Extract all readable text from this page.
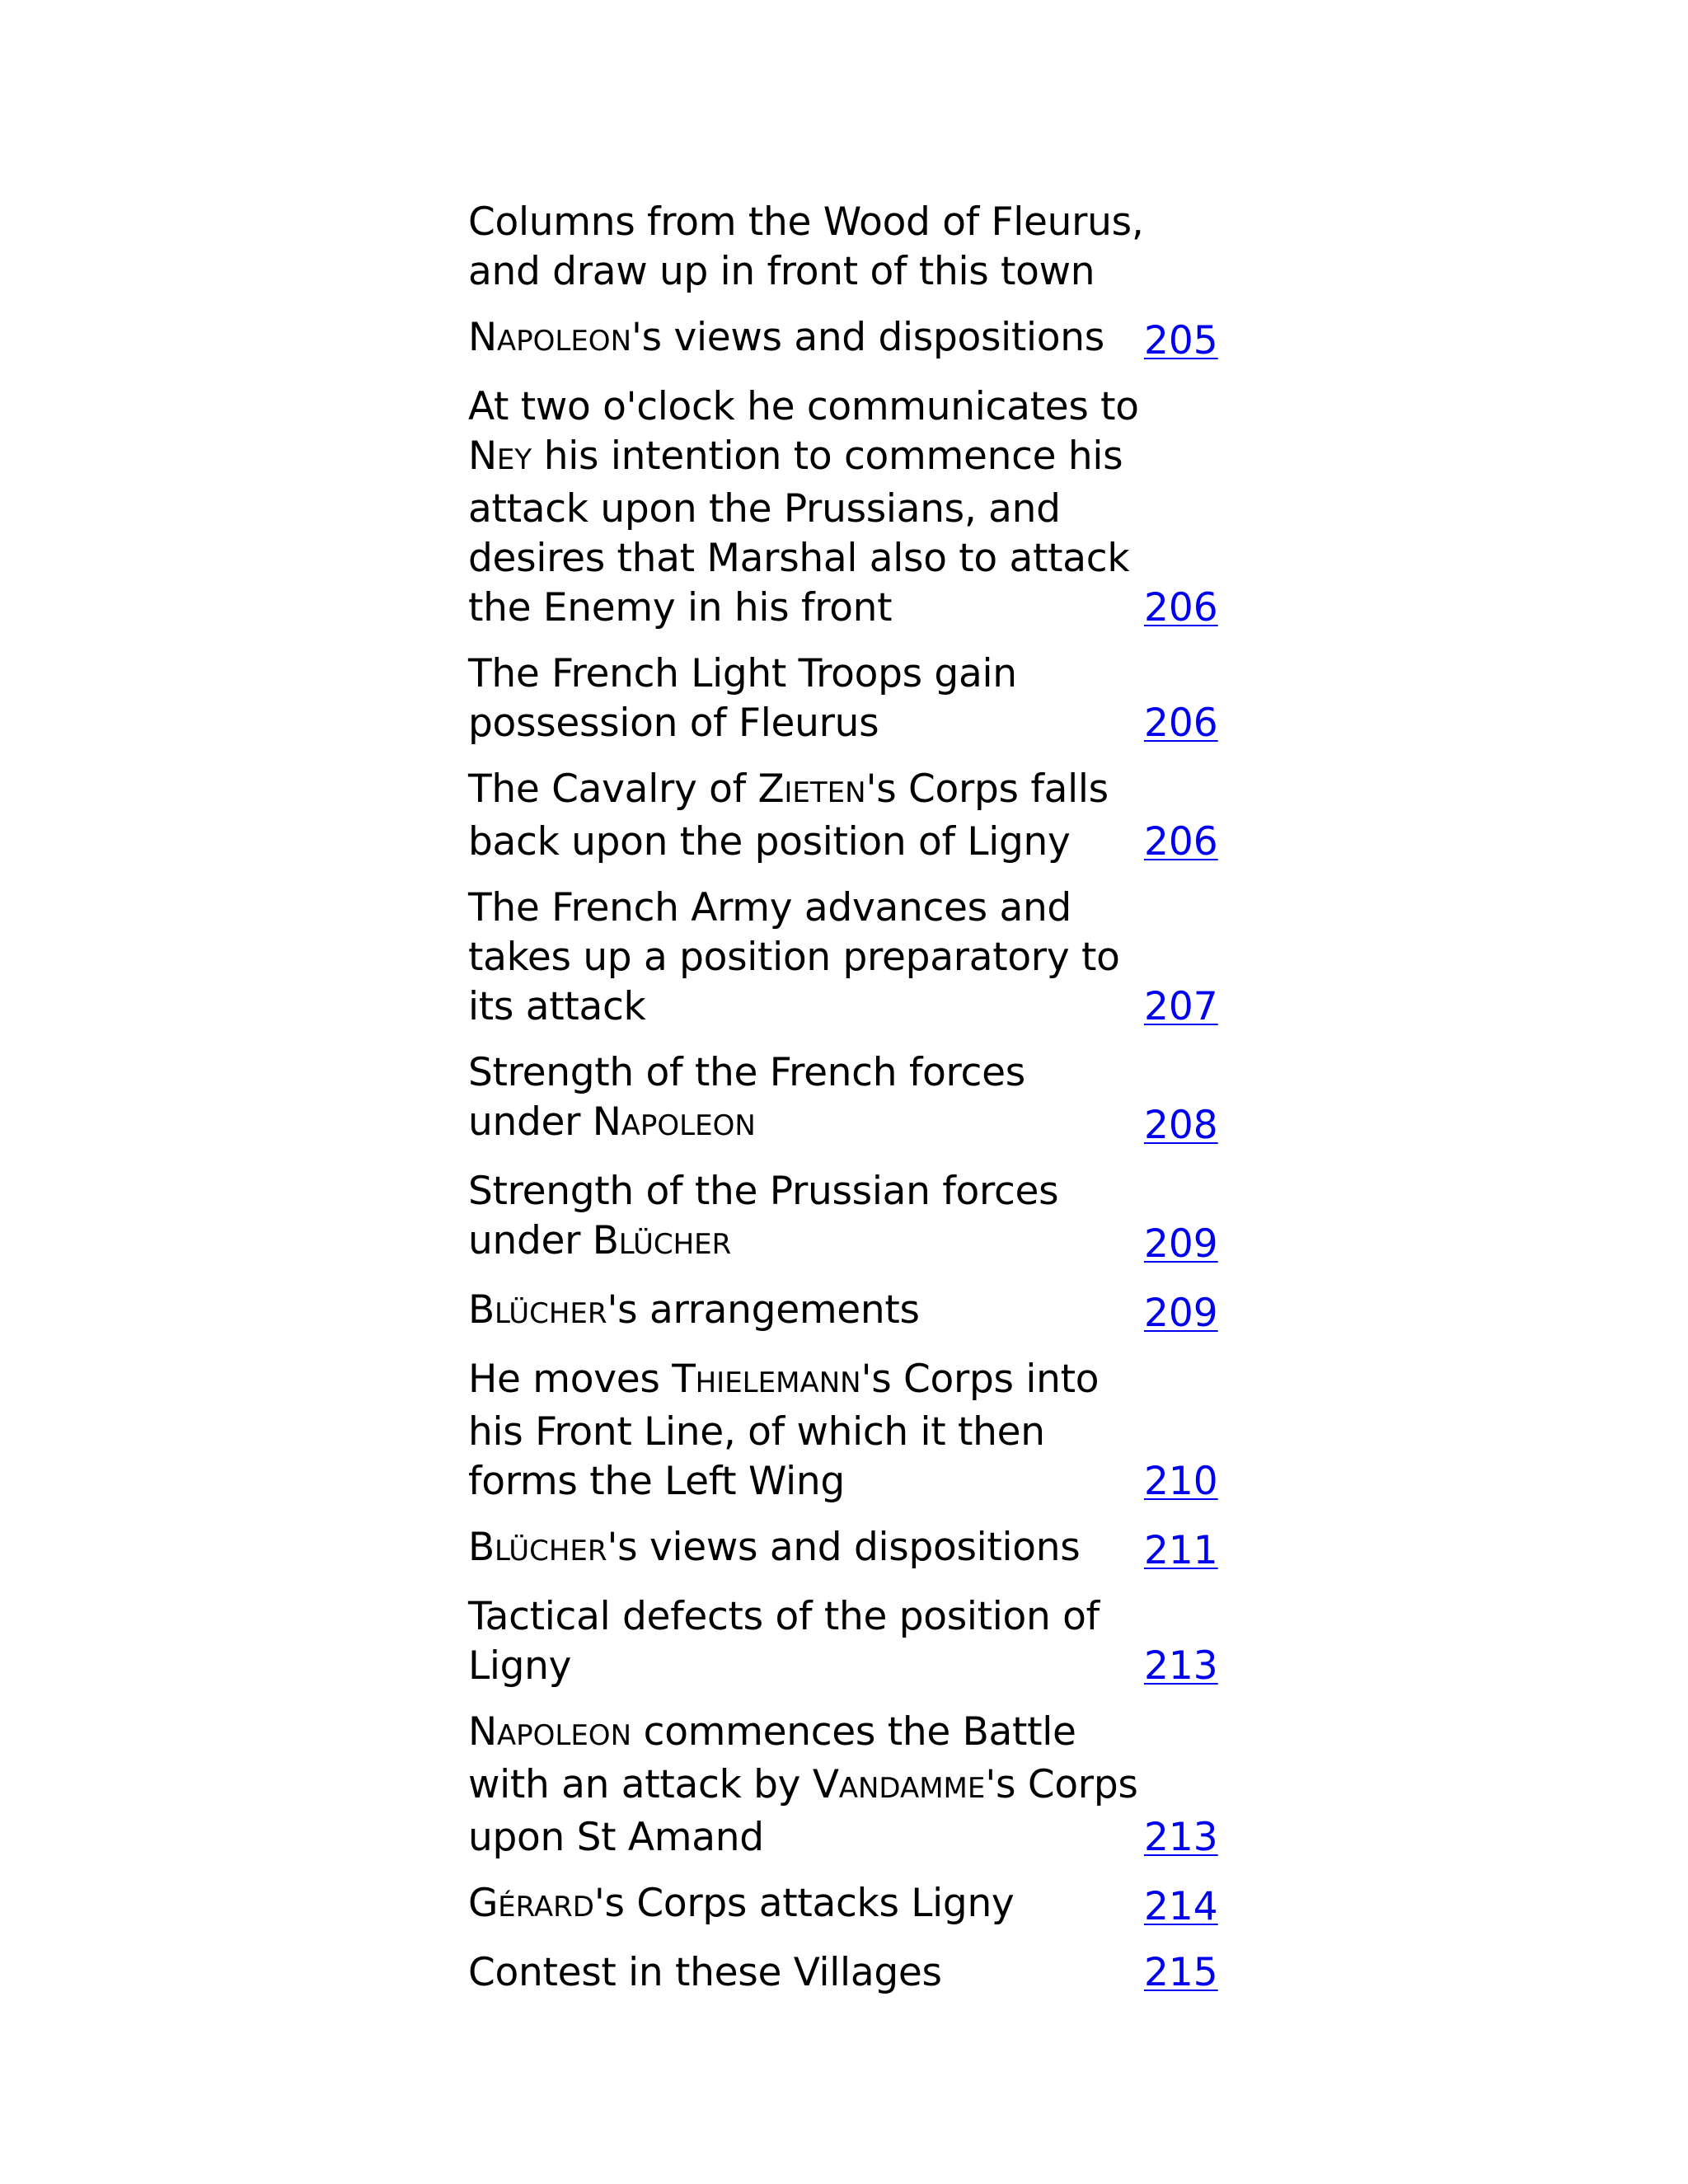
Columns from the Wood of Fleurus, and draw up in front of this town
NAPOLEON's views and dispositions	205
At two o'clock he communicates to NEY his intention to commence his attack upon the Prussians, and desires that Marshal also to attack the Enemy in his front	206
The French Light Troops gain possession of Fleurus	206
The Cavalry of ZIETEN's Corps falls back upon the position of Ligny	206
The French Army advances and takes up a position preparatory to its attack	207
Strength of the French forces under NAPOLEON	208
Strength of the Prussian forces under BLÜCHER	209
BLÜCHER's arrangements	209
He moves THIELEMANN's Corps into his Front Line, of which it then forms the Left Wing	210
BLÜCHER's views and dispositions	211
Tactical defects of the position of Ligny	213
NAPOLEON commences the Battle with an attack by VANDAMME's Corps upon St Amand	213
GÉRARD's Corps attacks Ligny	214
Contest in these Villages	215
